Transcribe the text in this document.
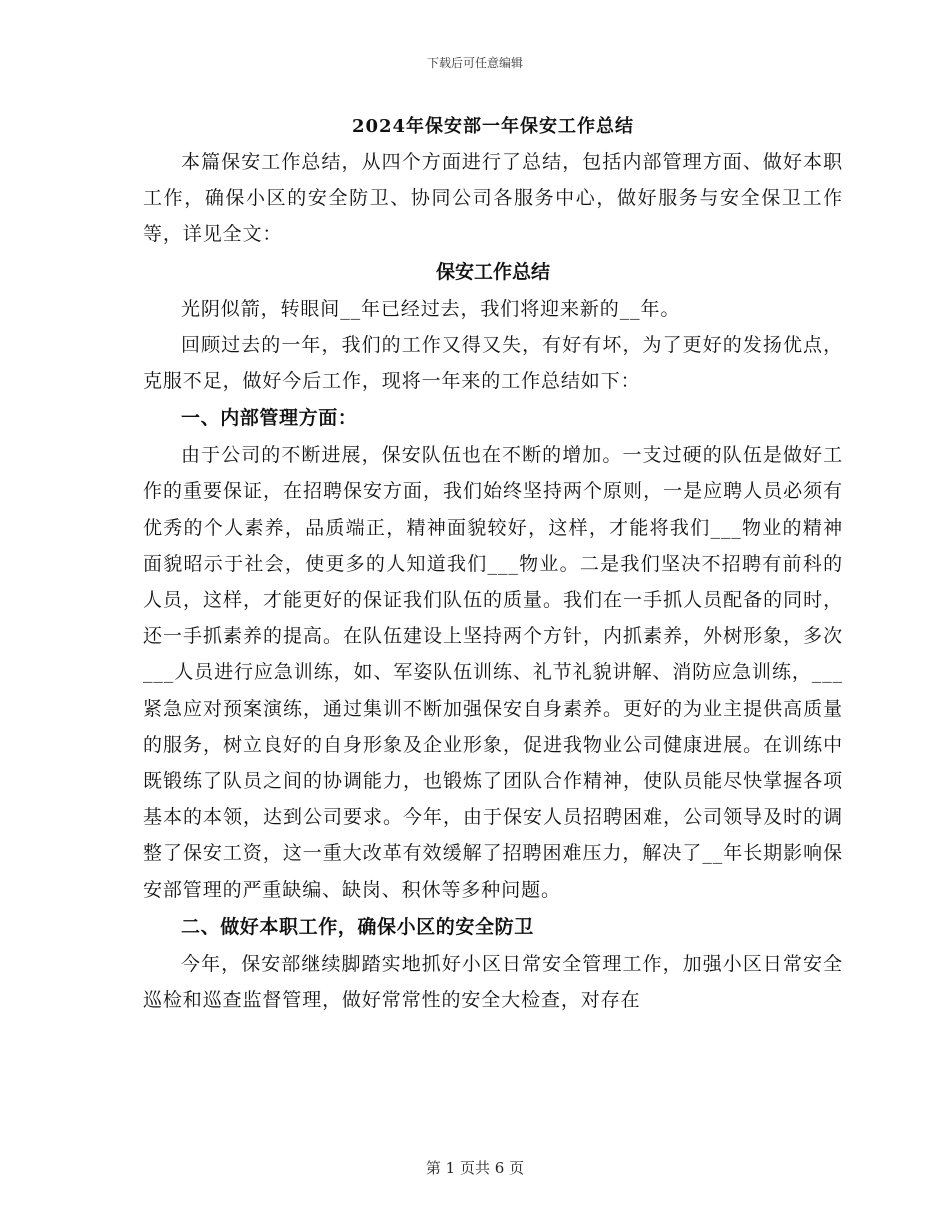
下载后可任意编辑
2024年保安部一年保安工作总结

本篇保安工作总结，从四个方面进行了总结，包括内部管理方面、做好本职工作，确保小区的安全防卫、协同公司各服务中心，做好服务与安全保卫工作等，详见全文：

保安工作总结

光阴似箭，转眼间__年已经过去，我们将迎来新的__年。

回顾过去的一年，我们的工作又得又失，有好有坏，为了更好的发扬优点，克服不足，做好今后工作，现将一年来的工作总结如下：

一、内部管理方面：

由于公司的不断进展，保安队伍也在不断的增加。一支过硬的队伍是做好工作的重要保证，在招聘保安方面，我们始终坚持两个原则，一是应聘人员必须有优秀的个人素养，品质端正，精神面貌较好，这样，才能将我们___物业的精神面貌昭示于社会，使更多的人知道我们___物业。二是我们坚决不招聘有前科的人员，这样，才能更好的保证我们队伍的质量。我们在一手抓人员配备的同时，还一手抓素养的提高。在队伍建设上坚持两个方针，内抓素养，外树形象，多次___人员进行应急训练，如、军姿队伍训练、礼节礼貌讲解、消防应急训练，___紧急应对预案演练，通过集训不断加强保安自身素养。更好的为业主提供高质量的服务，树立良好的自身形象及企业形象，促进我物业公司健康进展。在训练中既锻练了队员之间的协调能力，也锻炼了团队合作精神，使队员能尽快掌握各项基本的本领，达到公司要求。今年，由于保安人员招聘困难，公司领导及时的调整了保安工资，这一重大改革有效缓解了招聘困难压力，解决了__年长期影响保安部管理的严重缺编、缺岗、积休等多种问题。

二、做好本职工作，确保小区的安全防卫

今年，保安部继续脚踏实地抓好小区日常安全管理工作，加强小区日常安全巡检和巡查监督管理，做好常常性的安全大检查，对存在

第 1 页共 6 页
